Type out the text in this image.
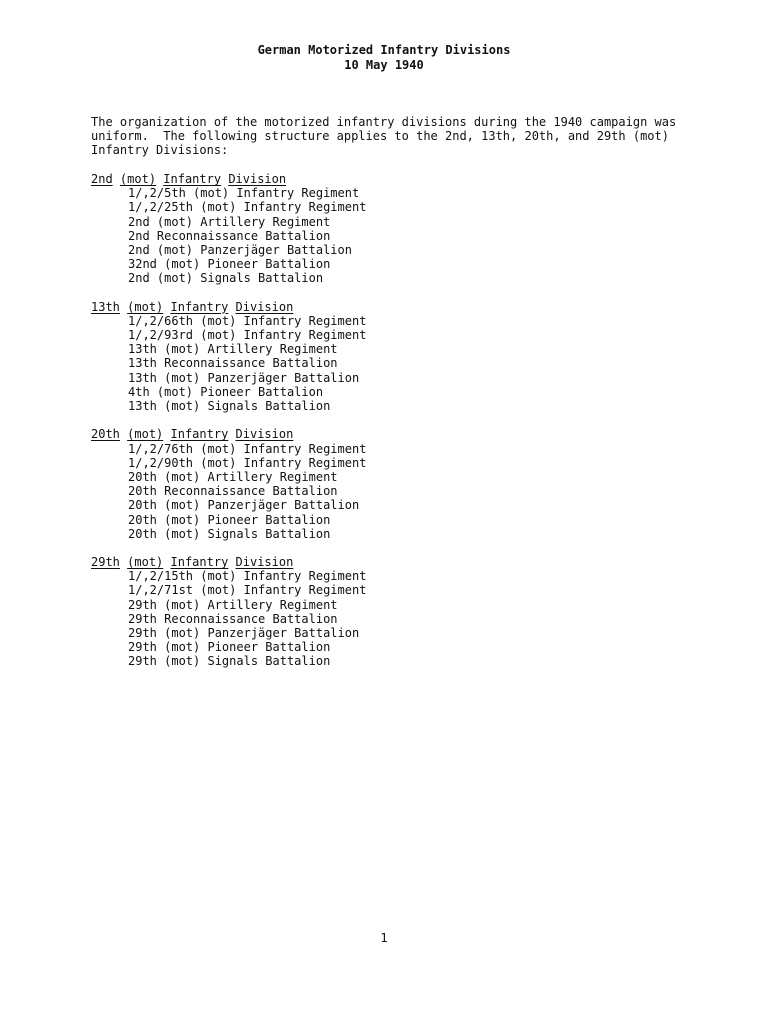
German Motorized Infantry Divisions
10 May 1940
The organization of the motorized infantry divisions during the 1940 campaign was
uniform.  The following structure applies to the 2nd, 13th, 20th, and 29th (mot)
Infantry Divisions:
2nd (mot) Infantry Division
1/,2/5th (mot) Infantry Regiment
1/,2/25th (mot) Infantry Regiment
2nd (mot) Artillery Regiment
2nd Reconnaissance Battalion
2nd (mot) Panzerjäger Battalion
32nd (mot) Pioneer Battalion
2nd (mot) Signals Battalion
13th (mot) Infantry Division
1/,2/66th (mot) Infantry Regiment
1/,2/93rd (mot) Infantry Regiment
13th (mot) Artillery Regiment
13th Reconnaissance Battalion
13th (mot) Panzerjäger Battalion
4th (mot) Pioneer Battalion
13th (mot) Signals Battalion
20th (mot) Infantry Division
1/,2/76th (mot) Infantry Regiment
1/,2/90th (mot) Infantry Regiment
20th (mot) Artillery Regiment
20th Reconnaissance Battalion
20th (mot) Panzerjäger Battalion
20th (mot) Pioneer Battalion
20th (mot) Signals Battalion
29th (mot) Infantry Division
1/,2/15th (mot) Infantry Regiment
1/,2/71st (mot) Infantry Regiment
29th (mot) Artillery Regiment
29th Reconnaissance Battalion
29th (mot) Panzerjäger Battalion
29th (mot) Pioneer Battalion
29th (mot) Signals Battalion
1
